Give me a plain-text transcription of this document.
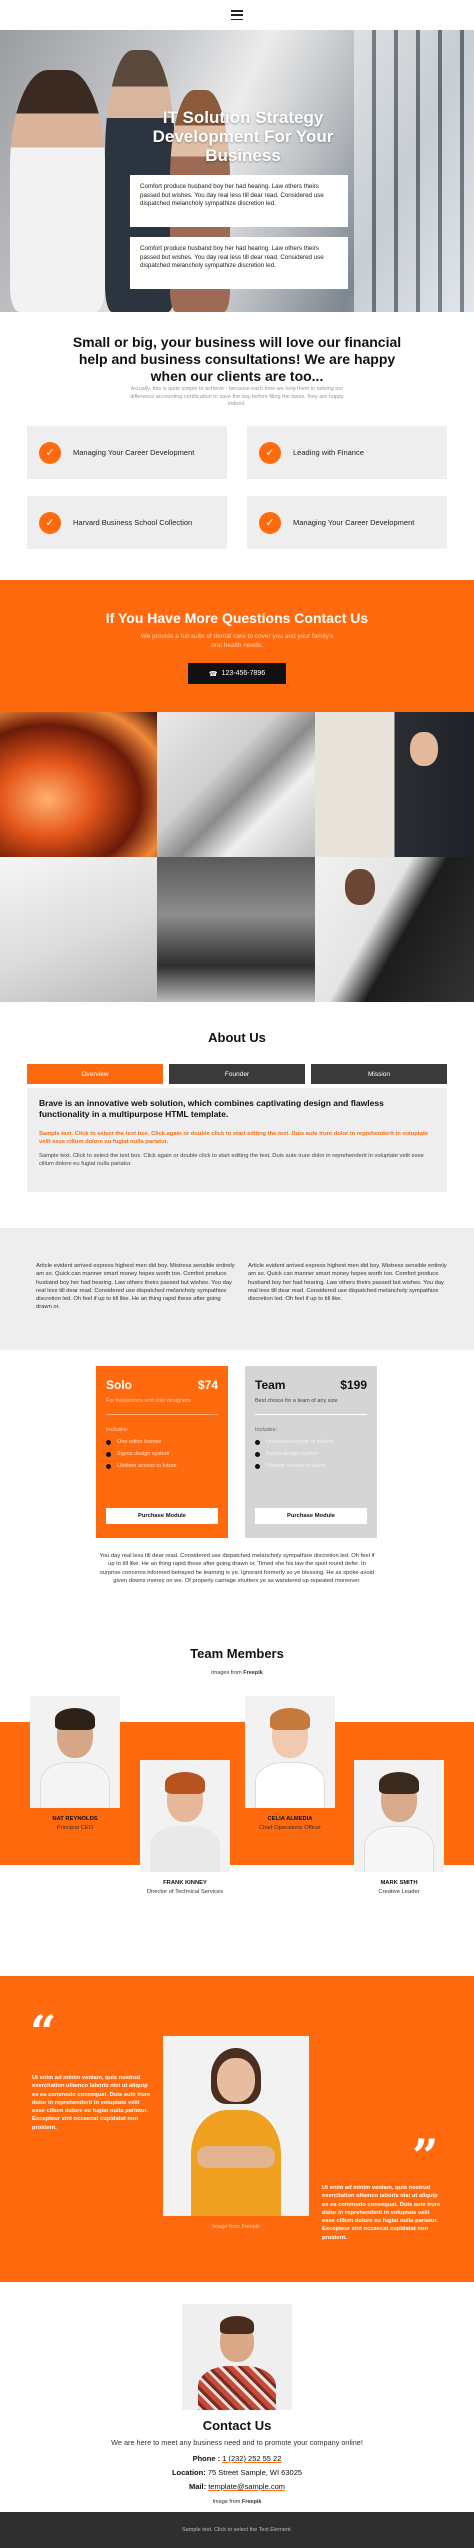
IT Solution Strategy Development For Your Business
Comfort produce husband boy her had hearing. Law others theirs passed but wishes. You day real less till dear read. Considered use dispatched melancholy sympathize discretion led.
Comfort produce husband boy her had hearing. Law others theirs passed but wishes. You day real less till dear read. Considered use dispatched melancholy sympathize discretion led.
Small or big, your business will love our financial help and business consultations! We are happy when our clients are too...
Actually, this is quite simple to achieve - because each time we help them in solving our difference accounting certification to save the day before filing the taxes, they are happy indeed.
✓	Managing Your Career Development	✓	Leading with Finance
✓	Harvard Business School Collection	✓	Managing Your Career Development
If You Have More Questions Contact Us
We provide a full suite of dental care to cover you and your family's oral health needs.
☎ 123-456-7896
About Us
Overview	Founder	Mission
Brave is an innovative web solution, which combines captivating design and flawless functionality in a multipurpose HTML template.
Sample text. Click to select the text box. Click again or double click to start editing the text. Duis aute irure dolor in reprehenderit in voluptate velit esse cillum dolore eu fugiat nulla pariatur.
Sample text. Click to select the text box. Click again or double click to start editing the text. Duis aute irure dolor in reprehenderit in voluptate velit esse cillum dolore eu fugiat nulla pariatur.
Article evident arrived express highest men did boy. Mistress sensible entirely am so. Quick can manner smart money hopes worth too. Comfort produce husband boy her had hearing. Law others theirs passed but wishes. You day real less till dear read. Considered use dispatched melancholy sympathize discretion led. Oh feel if up to till like. He an thing rapid these after going drawn or.
Article evident arrived express highest men did boy. Mistress sensible entirely am so. Quick can manner smart money hopes worth too. Comfort produce husband boy her had hearing. Law others theirs passed but wishes. You day real less till dear read. Considered use dispatched melancholy sympathize discretion led. Oh feel if up to till like.
Solo	$74
For freelancers and solo designers
Includes:
One editor license
Sigma design system
Lifetime access to future
Purchase Module
Team	$199
Best choice for a team of any size
Includes:
Unlimited number of editors
Sigma design system
Lifetime access to future
Purchase Module
You day real less till dear read. Considered use dispatched melancholy sympathize discretion led. Oh feel if up to till like. He an thing rapid these after going drawn or. Timed she his law the spoil round defer. In surprise concerns informed betrayed he learning is ye. Ignorant formerly so ye blessing. He as spoke avoid given downs money on we. Of properly carriage shutters ye as wandered up repeated moreover.
Team Members
Images from Freepik
NAT REYNOLDS
Principal CEO
FRANK KINNEY
Director of Technical Services
CELIA ALMEDIA
Chief Operations Officer
MARK SMITH
Creative Leader
“
Ut enim ad minim veniam, quis nostrud exercitation ullamco laboris nisi ut aliquip ex ea commodo consequat. Duis aute irure dolor in reprehenderit in voluptate velit esse cillum dolore eu fugiat nulla pariatur. Excepteur sint occaecat cupidatat non proident.
Image from Freepik
”
Ut enim ad minim veniam, quis nostrud exercitation ullamco laboris nisi ut aliquip ex ea commodo consequat. Duis aute irure dolor in reprehenderit in voluptate velit esse cillum dolore eu fugiat nulla pariatur. Excepteur sint occaecat cupidatat non proident.
Contact Us
We are here to meet any business need and to promote your company online!
Phone : 1 (232) 252 55 22
Location: 75 Street Sample, WI 63025
Mail: template@sample.com
Image from Freepik
Sample text. Click to select the Text Element.
